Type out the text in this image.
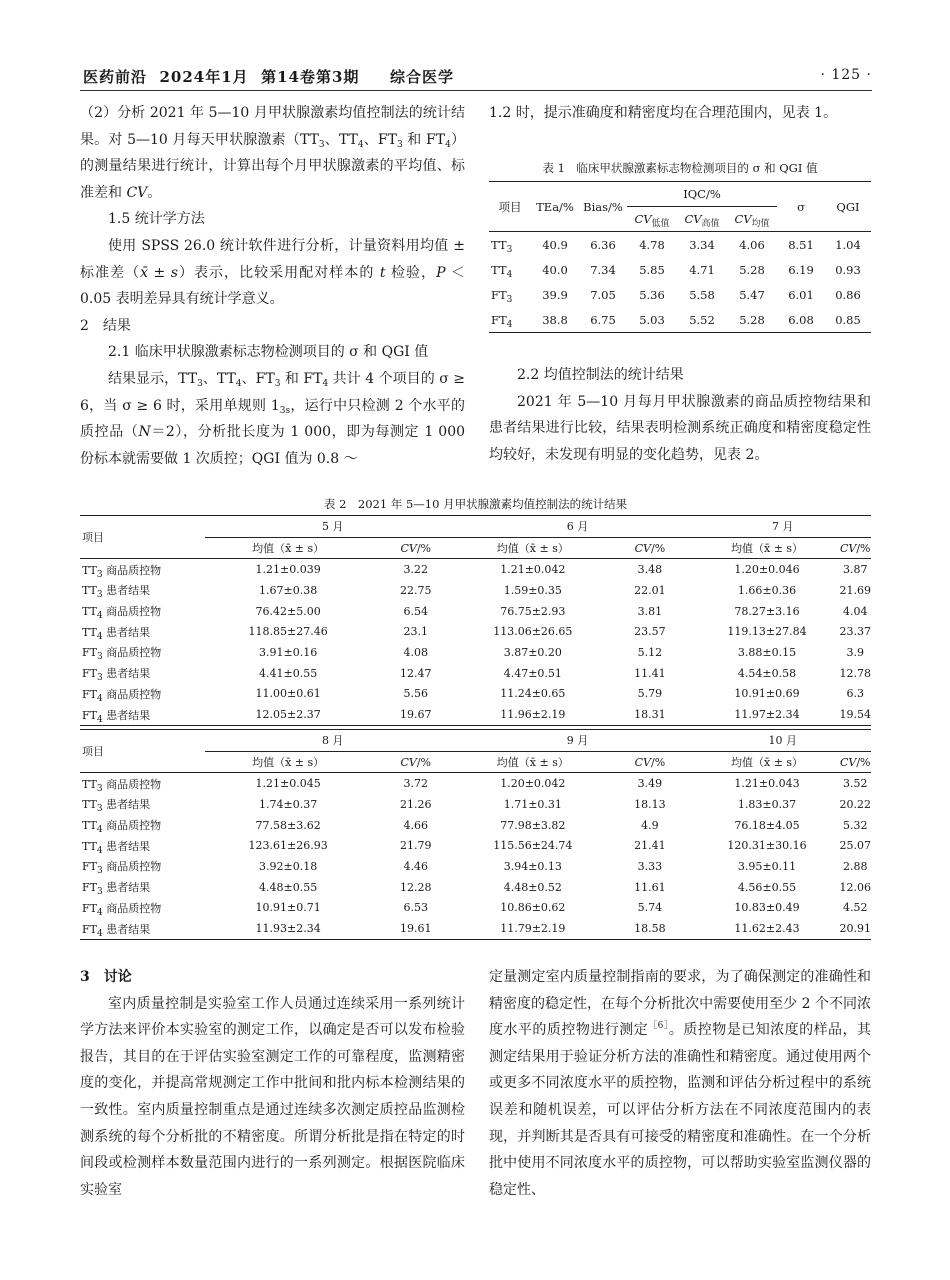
医药前沿  2024年1月  第14卷第3期 综合医学	· 125 ·

（2）分析 2021 年 5—10 月甲状腺激素均值控制法的统计结果。对 5—10 月每天甲状腺激素（$TT_3$、$TT_4$、$FT_3$ 和 $FT_4$）的测量结果进行统计，计算出每个月甲状腺激素的平均值、标准差和 CV。

1.5 统计学方法

使用 SPSS 26.0 统计软件进行分析，计量资料用均值 ± 标准差（x̄ ± s）表示，比较采用配对样本的 t 检验，P ＜ 0.05 表明差异具有统计学意义。

2　结果

2.1 临床甲状腺激素标志物检测项目的 σ 和 QGI 值

结果显示，$TT_3$、$TT_4$、$FT_3$ 和 $FT_4$ 共计 4 个项目的 σ ≥ 6，当 σ ≥ 6 时，采用单规则 $1_{3s}$，运行中只检测 2 个水平的质控品（N＝2），分析批长度为 1 000，即为每测定 1 000 份标本就需要做 1 次质控；QGI 值为 0.8 ～

1.2 时，提示准确度和精密度均在合理范围内，见表 1。

表 1　临床甲状腺激素标志物检测项目的 σ 和 QGI 值
项目	TEa/%	Bias/%	IQC/%			σ	QGI
			$CV_{低值}$	$CV_{高值}$	$CV_{均值}$
$TT_3$	40.9	6.36	4.78	3.34	4.06	8.51	1.04
$TT_4$	40.0	7.34	5.85	4.71	5.28	6.19	0.93
$FT_3$	39.9	7.05	5.36	5.58	5.47	6.01	0.86
$FT_4$	38.8	6.75	5.03	5.52	5.28	6.08	0.85

2.2 均值控制法的统计结果

2021 年 5—10 月每月甲状腺激素的商品质控物结果和患者结果进行比较，结果表明检测系统正确度和精密度稳定性均较好，未发现有明显的变化趋势，见表 2。

表 2　2021 年 5—10 月甲状腺激素均值控制法的统计结果
项目	5 月		6 月		7 月	
	均值（x̄ ± s）	CV/%	均值（x̄ ± s）	CV/%	均值（x̄ ± s）	CV/%
$TT_3$ 商品质控物	1.21±0.039	3.22	1.21±0.042	3.48	1.20±0.046	3.87
$TT_3$ 患者结果	1.67±0.38	22.75	1.59±0.35	22.01	1.66±0.36	21.69
$TT_4$ 商品质控物	76.42±5.00	6.54	76.75±2.93	3.81	78.27±3.16	4.04
$TT_4$ 患者结果	118.85±27.46	23.1	113.06±26.65	23.57	119.13±27.84	23.37
$FT_3$ 商品质控物	3.91±0.16	4.08	3.87±0.20	5.12	3.88±0.15	3.9
$FT_3$ 患者结果	4.41±0.55	12.47	4.47±0.51	11.41	4.54±0.58	12.78
$FT_4$ 商品质控物	11.00±0.61	5.56	11.24±0.65	5.79	10.91±0.69	6.3
$FT_4$ 患者结果	12.05±2.37	19.67	11.96±2.19	18.31	11.97±2.34	19.54
项目	8 月		9 月		10 月	
	均值（x̄ ± s）	CV/%	均值（x̄ ± s）	CV/%	均值（x̄ ± s）	CV/%
$TT_3$ 商品质控物	1.21±0.045	3.72	1.20±0.042	3.49	1.21±0.043	3.52
$TT_3$ 患者结果	1.74±0.37	21.26	1.71±0.31	18.13	1.83±0.37	20.22
$TT_4$ 商品质控物	77.58±3.62	4.66	77.98±3.82	4.9	76.18±4.05	5.32
$TT_4$ 患者结果	123.61±26.93	21.79	115.56±24.74	21.41	120.31±30.16	25.07
$FT_3$ 商品质控物	3.92±0.18	4.46	3.94±0.13	3.33	3.95±0.11	2.88
$FT_3$ 患者结果	4.48±0.55	12.28	4.48±0.52	11.61	4.56±0.55	12.06
$FT_4$ 商品质控物	10.91±0.71	6.53	10.86±0.62	5.74	10.83±0.49	4.52
$FT_4$ 患者结果	11.93±2.34	19.61	11.79±2.19	18.58	11.62±2.43	20.91

3　讨论

室内质量控制是实验室工作人员通过连续采用一系列统计学方法来评价本实验室的测定工作，以确定是否可以发布检验报告，其目的在于评估实验室测定工作的可靠程度，监测精密度的变化，并提高常规测定工作中批间和批内标本检测结果的一致性。室内质量控制重点是通过连续多次测定质控品监测检测系统的每个分析批的不精密度。所谓分析批是指在特定的时间段或检测样本数量范围内进行的一系列测定。根据医院临床实验室

定量测定室内质量控制指南的要求，为了确保测定的准确性和精密度的稳定性，在每个分析批次中需要使用至少 2 个不同浓度水平的质控物进行测定$^{[6]}$。质控物是已知浓度的样品，其测定结果用于验证分析方法的准确性和精密度。通过使用两个或更多不同浓度水平的质控物，监测和评估分析过程中的系统误差和随机误差，可以评估分析方法在不同浓度范围内的表现，并判断其是否具有可接受的精密度和准确性。在一个分析批中使用不同浓度水平的质控物，可以帮助实验室监测仪器的稳定性、
